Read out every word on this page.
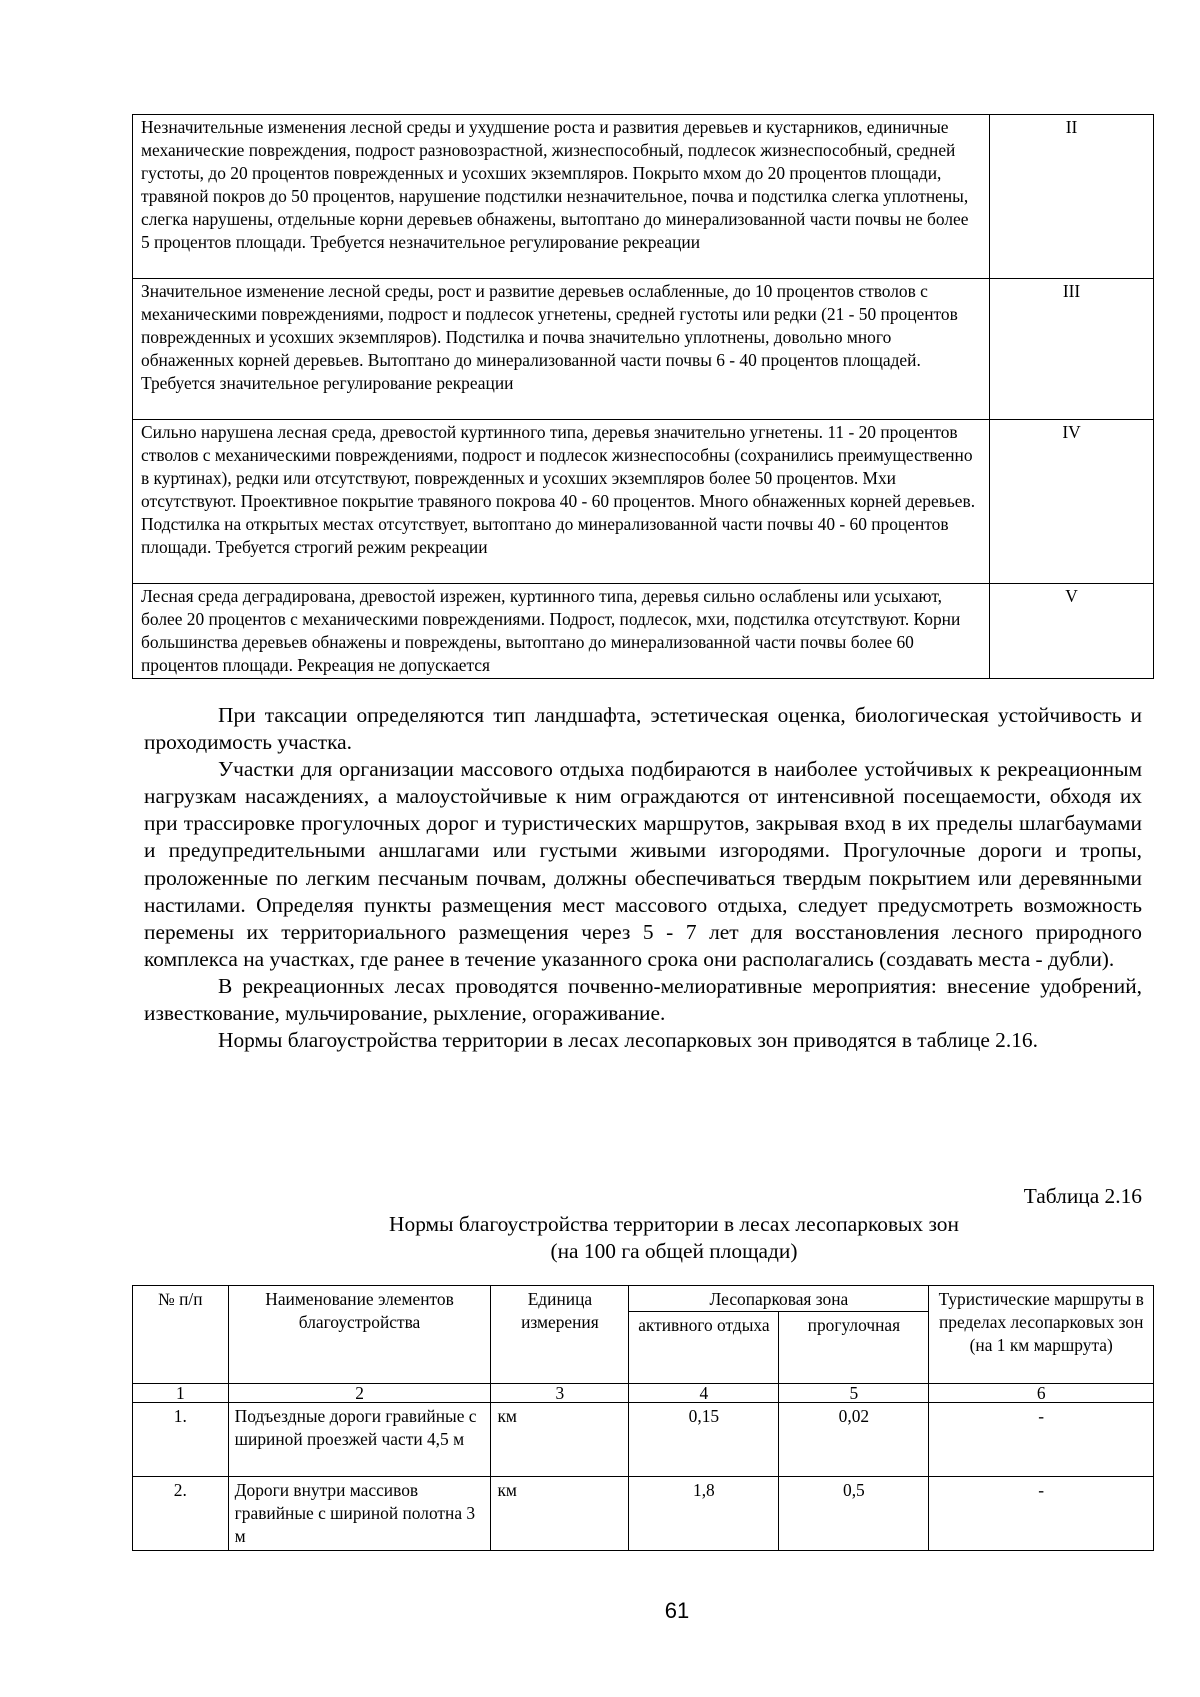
Незначительные изменения лесной среды и ухудшение роста и развития деревьев и кустарников, единичные механические повреждения, подрост разновозрастной, жизнеспособный, подлесок жизнеспособный, средней густоты, до 20 процентов поврежденных и усохших экземпляров. Покрыто мхом до 20 процентов площади, травяной покров до 50 процентов, нарушение подстилки незначительное, почва и подстилка слегка уплотнены, слегка нарушены, отдельные корни деревьев обнажены, вытоптано до минерализованной части почвы не более 5 процентов площади. Требуется незначительное регулирование рекреации	II
Значительное изменение лесной среды, рост и развитие деревьев ослабленные, до 10 процентов стволов с механическими повреждениями, подрост и подлесок угнетены, средней густоты или редки (21 - 50 процентов поврежденных и усохших экземпляров). Подстилка и почва значительно уплотнены, довольно много обнаженных корней деревьев. Вытоптано до минерализованной части почвы 6 - 40 процентов площадей. Требуется значительное регулирование рекреации	III
Сильно нарушена лесная среда, древостой куртинного типа, деревья значительно угнетены. 11 - 20 процентов стволов с механическими повреждениями, подрост и подлесок жизнеспособны (сохранились преимущественно в куртинах), редки или отсутствуют, поврежденных и усохших экземпляров более 50 процентов. Мхи отсутствуют. Проективное покрытие травяного покрова 40 - 60 процентов. Много обнаженных корней деревьев. Подстилка на открытых местах отсутствует, вытоптано до минерализованной части почвы 40 - 60 процентов площади. Требуется строгий режим рекреации	IV
Лесная среда деградирована, древостой изрежен, куртинного типа, деревья сильно ослаблены или усыхают, более 20 процентов с механическими повреждениями. Подрост, подлесок, мхи, подстилка отсутствуют. Корни большинства деревьев обнажены и повреждены, вытоптано до минерализованной части почвы более 60 процентов площади. Рекреация не допускается	V

При таксации определяются тип ландшафта, эстетическая оценка, биологическая устойчивость и проходимость участка.

Участки для организации массового отдыха подбираются в наиболее устойчивых к рекреационным нагрузкам насаждениях, а малоустойчивые к ним ограждаются от интенсивной посещаемости, обходя их при трассировке прогулочных дорог и туристических маршрутов, закрывая вход в их пределы шлагбаумами и предупредительными аншлагами или густыми живыми изгородями. Прогулочные дороги и тропы, проложенные по легким песчаным почвам, должны обеспечиваться твердым покрытием или деревянными настилами. Определяя пункты размещения мест массового отдыха, следует предусмотреть возможность перемены их территориального размещения через 5 - 7 лет для восстановления лесного природного комплекса на участках, где ранее в течение указанного срока они располагались (создавать места - дубли).

В рекреационных лесах проводятся почвенно-мелиоративные мероприятия: внесение удобрений, известкование, мульчирование, рыхление, огораживание.

Нормы благоустройства территории в лесах лесопарковых зон приводятся в таблице 2.16.

Таблица 2.16
Нормы благоустройства территории в лесах лесопарковых зон
(на 100 га общей площади)
№ п/п	Наименование элементов благоустройства	Единица измерения	Лесопарковая зона		Туристические маршруты в пределах лесопарковых зон (на 1 км маршрута)
			активного отдыха	прогулочная	
1	2	3	4	5	6
1.	Подъездные дороги гравийные с шириной проезжей части 4,5 м	км	0,15	0,02	-
2.	Дороги внутри массивов гравийные с шириной полотна 3 м	км	1,8	0,5	-
61
